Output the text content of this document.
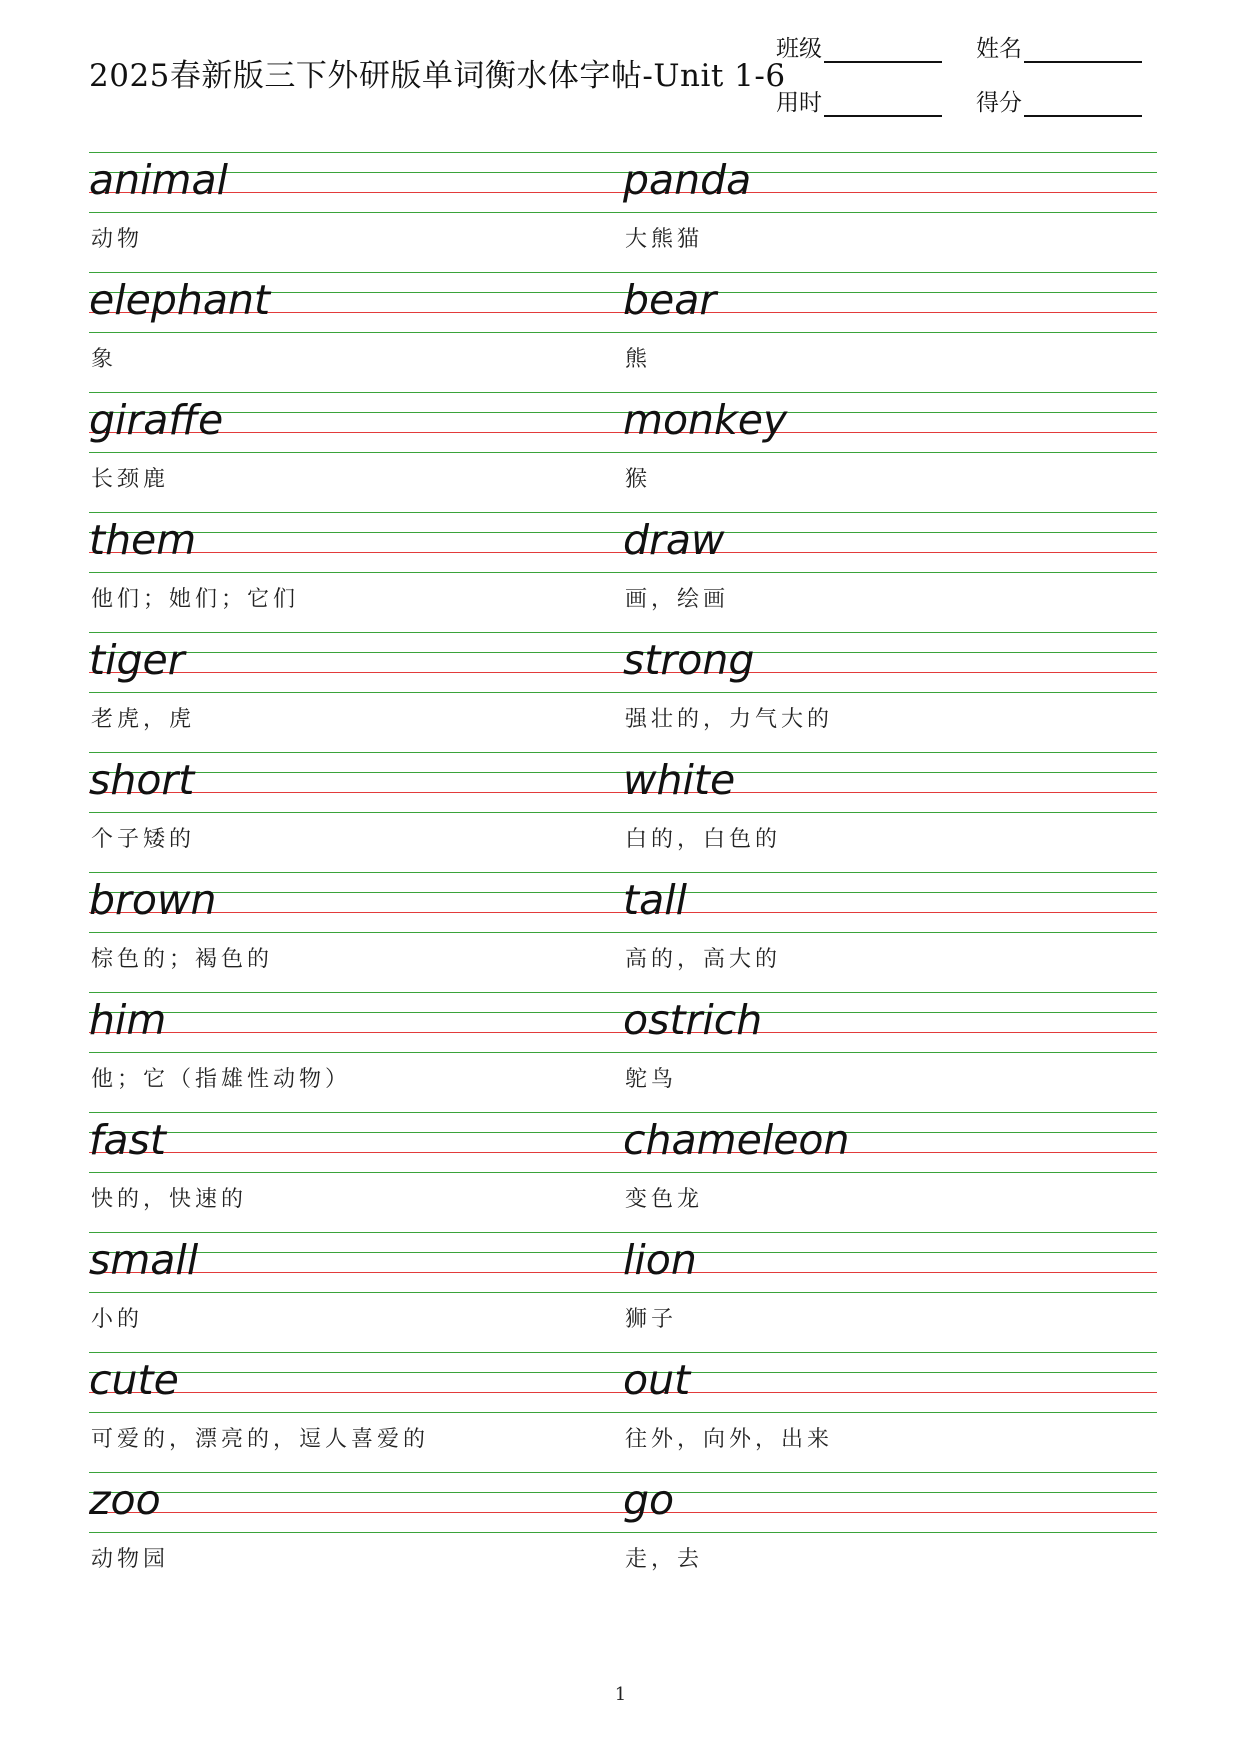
2025春新版三下外研版单词衡水体字帖-Unit 1-6
班级	姓名
用时	得分
animal
动物
panda
大熊猫
elephant
象
bear
熊
giraffe
长颈鹿
monkey
猴
them
他们；她们；它们
draw
画，绘画
tiger
老虎，虎
strong
强壮的，力气大的
short
个子矮的
white
白的，白色的
brown
棕色的；褐色的
tall
高的，高大的
him
他；它（指雄性动物）
ostrich
鸵鸟
fast
快的，快速的
chameleon
变色龙
small
小的
lion
狮子
cute
可爱的，漂亮的，逗人喜爱的
out
往外，向外，出来
zoo
动物园
go
走，去
1
